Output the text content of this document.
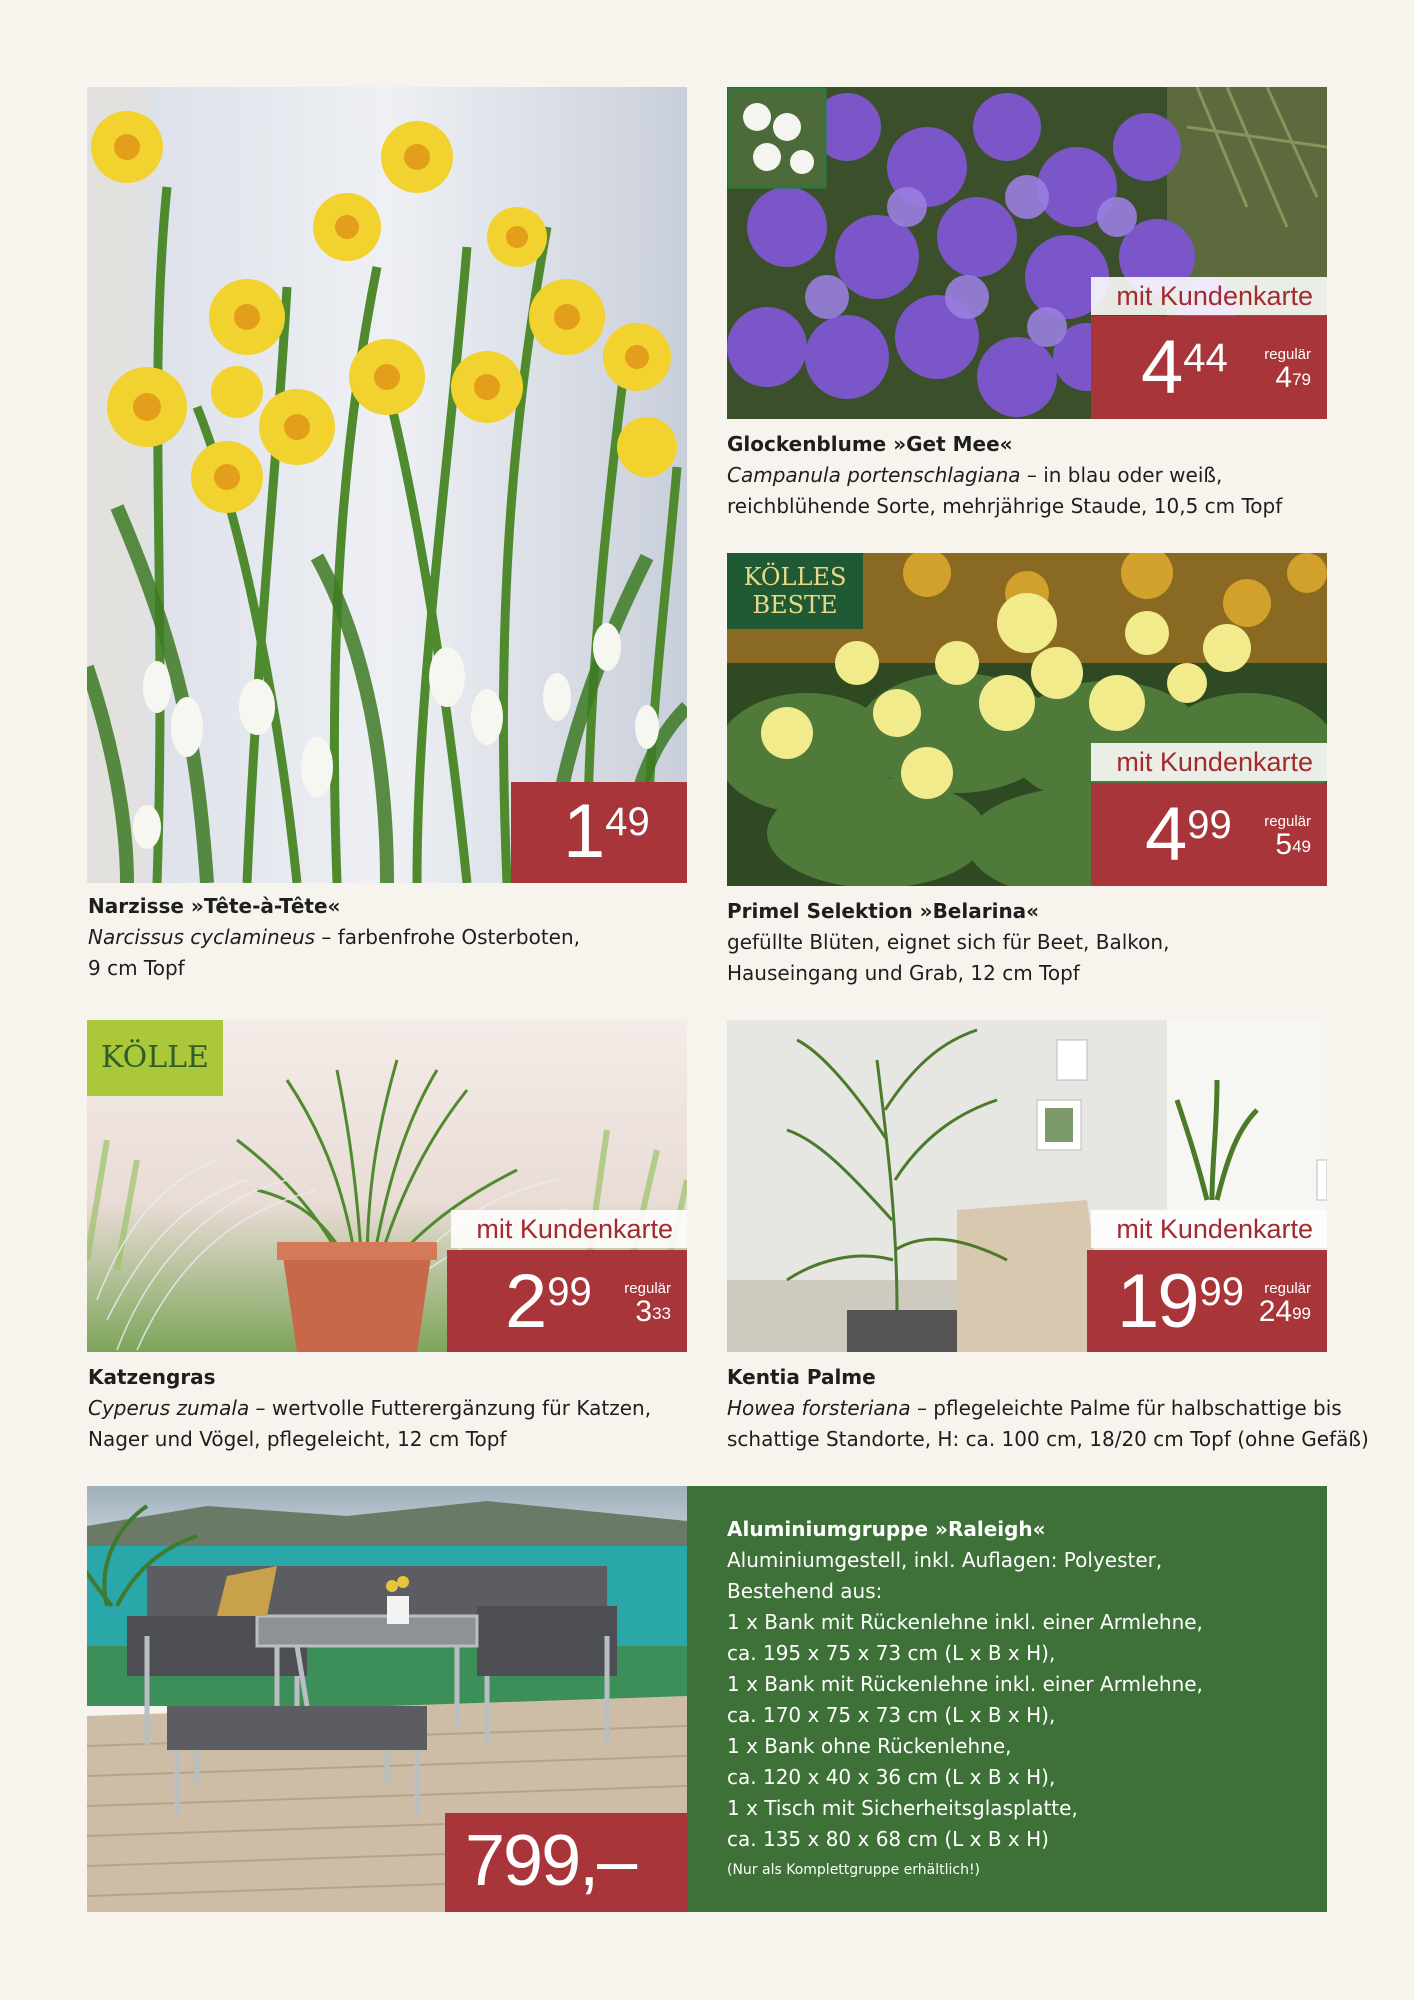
149
Narzisse »Tête-à-Tête«
Narcissus cyclamineus – farbenfrohe Osterboten,
9 cm Topf
mit Kundenkarte
444 regulär
$4^{79}$
Glockenblume »Get Mee«
Campanula portenschlagiana – in blau oder weiß,
reichblühende Sorte, mehrjährige Staude, 10,5 cm Topf
KÖLLES
BESTE
mit Kundenkarte
499 regulär
$5^{49}$
Primel Selektion »Belarina«
gefüllte Blüten, eignet sich für Beet, Balkon,
Hauseingang und Grab, 12 cm Topf
KÖLLE
mit Kundenkarte
299 regulär
$3^{33}$
Katzengras
Cyperus zumala – wertvolle Futterergänzung für Katzen,
Nager und Vögel, pflegeleicht, 12 cm Topf
mit Kundenkarte
1999	regulär
$24^{99}$
Kentia Palme
Howea forsteriana – pflegeleichte Palme für halbschattige bis
schattige Standorte, H: ca. 100 cm, 18/20 cm Topf (ohne Gefäß)
799,–
Aluminiumgruppe »Raleigh«
Aluminiumgestell, inkl. Auflagen: Polyester,
Bestehend aus:
1 x Bank mit Rückenlehne inkl. einer Armlehne,
ca. 195 x 75 x 73 cm (L x B x H),
1 x Bank mit Rückenlehne inkl. einer Armlehne,
ca. 170 x 75 x 73 cm (L x B x H),
1 x Bank ohne Rückenlehne,
ca. 120 x 40 x 36 cm (L x B x H),
1 x Tisch mit Sicherheitsglasplatte,
ca. 135 x 80 x 68 cm (L x B x H)
(Nur als Komplettgruppe erhältlich!)
